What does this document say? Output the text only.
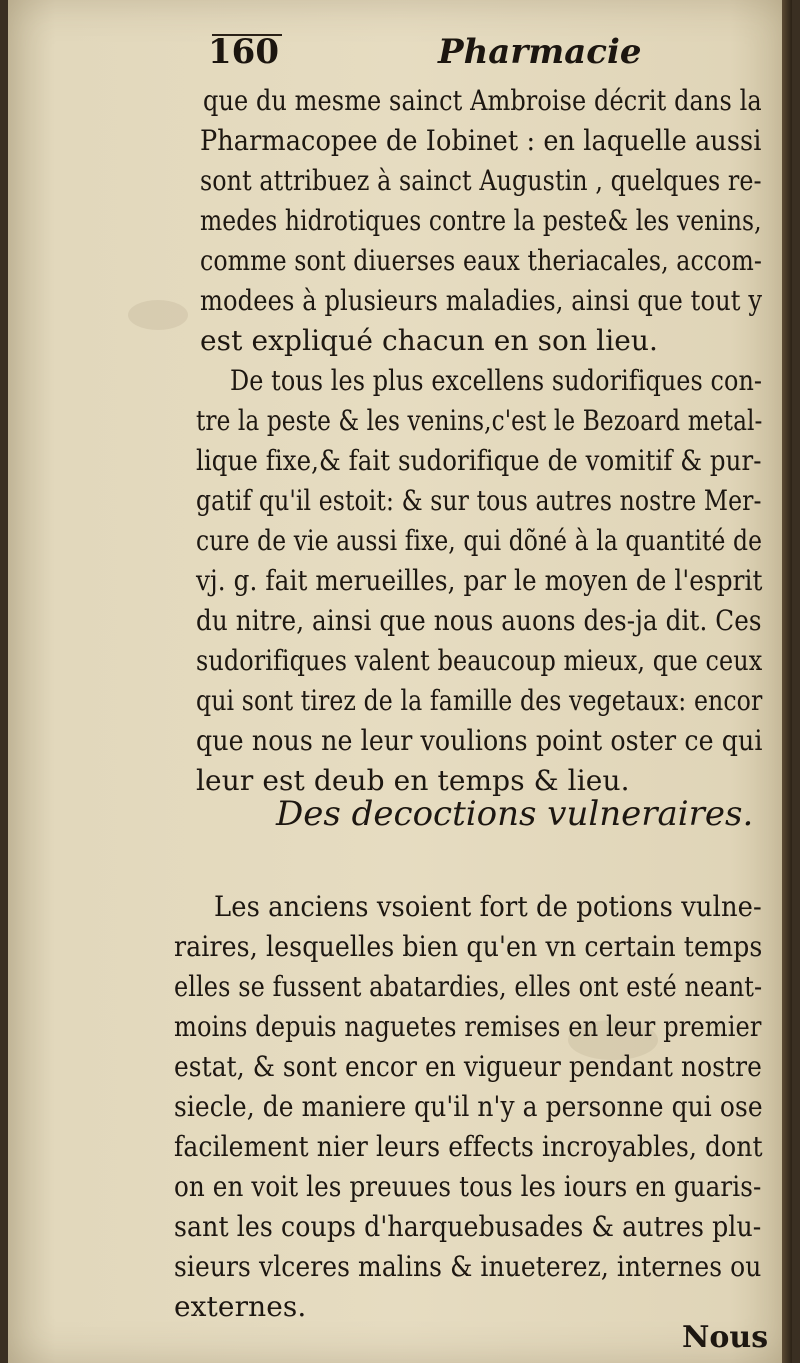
160	Pharmacie
que du mesme sainct Ambroise décrit dans la
Pharmacopee de Iobinet : en laquelle aussi
sont attribuez à sainct Augustin , quelques re-
medes hidrotiques contre la peste& les venins,
comme sont diuerses eaux theriacales, accom-
modees à plusieurs maladies, ainsi que tout y
est expliqué chacun en son lieu.
De tous les plus excellens sudorifiques con-
tre la peste & les venins,c'est le Bezoard metal-
lique fixe,& fait sudorifique de vomitif & pur-
gatif qu'il estoit: & sur tous autres nostre Mer-
cure de vie aussi fixe, qui dõné à la quantité de
vj. g. fait merueilles, par le moyen de l'esprit
du nitre, ainsi que nous auons des-ja dit. Ces
sudorifiques valent beaucoup mieux, que ceux
qui sont tirez de la famille des vegetaux: encor
que nous ne leur voulions point oster ce qui
leur est deub en temps & lieu.
Des decoctions vulneraires.
Les anciens vsoient fort de potions vulne-
raires, lesquelles bien qu'en vn certain temps
elles se fussent abatardies, elles ont esté neant-
moins depuis naguetes remises en leur premier
estat, & sont encor en vigueur pendant nostre
siecle, de maniere qu'il n'y a personne qui ose
facilement nier leurs effects incroyables, dont
on en voit les preuues tous les iours en guaris-
sant les coups d'harquebusades & autres plu-
sieurs vlceres malins & inueterez, internes ou
externes.
Nous
